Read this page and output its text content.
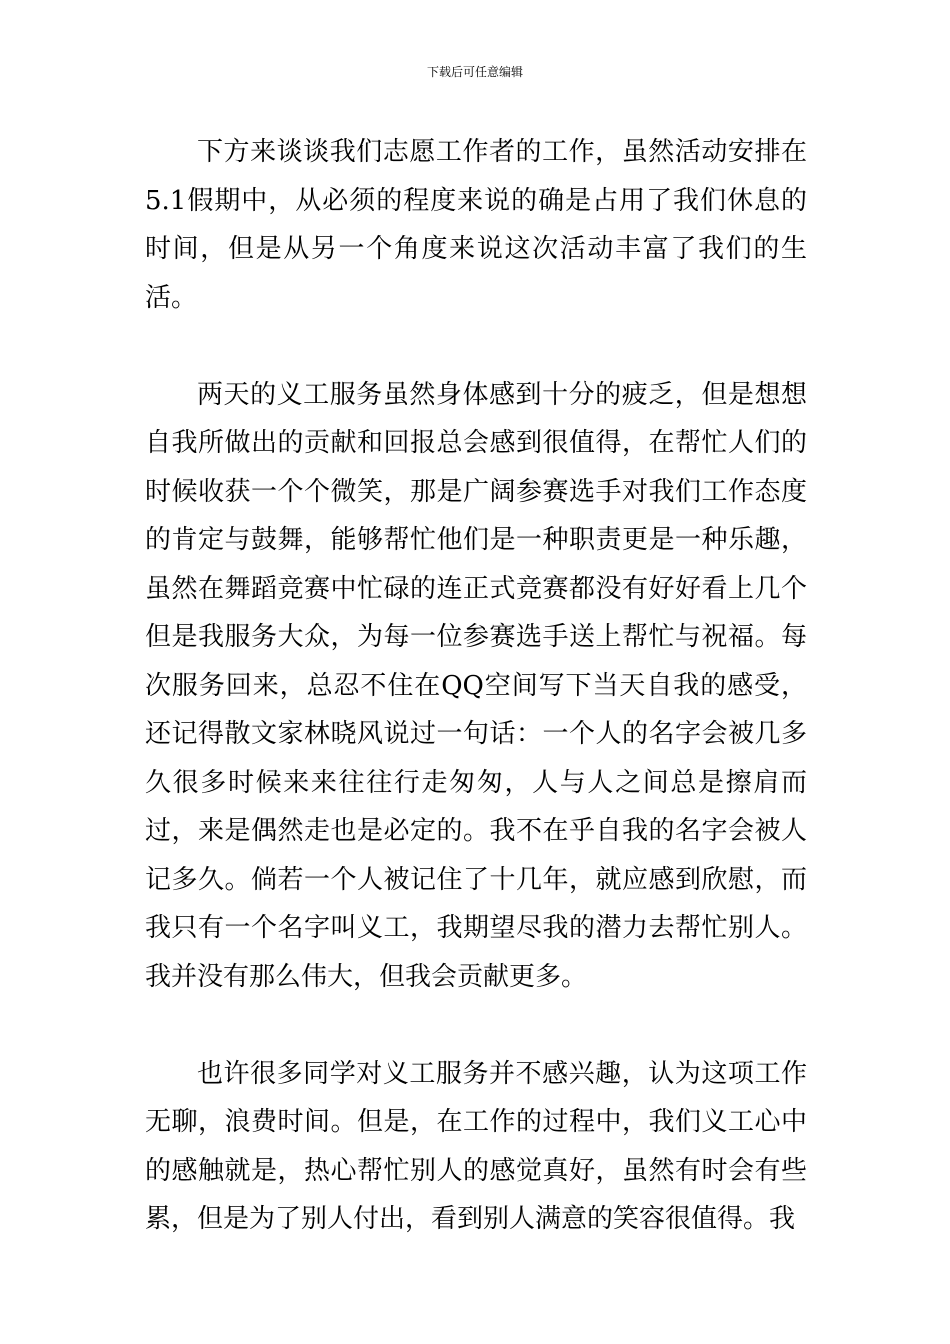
下载后可任意编辑

下方来谈谈我们志愿工作者的工作，虽然活动安排在5.1假期中，从必须的程度来说的确是占用了我们休息的时间，但是从另一个角度来说这次活动丰富了我们的生活。

两天的义工服务虽然身体感到十分的疲乏，但是想想自我所做出的贡献和回报总会感到很值得，在帮忙人们的时候收获一个个微笑，那是广阔参赛选手对我们工作态度的肯定与鼓舞，能够帮忙他们是一种职责更是一种乐趣，虽然在舞蹈竞赛中忙碌的连正式竞赛都没有好好看上几个但是我服务大众，为每一位参赛选手送上帮忙与祝福。每次服务回来，总忍不住在QQ空间写下当天自我的感受，还记得散文家林晓风说过一句话：一个人的名字会被几多久很多时候来来往往行走匆匆，人与人之间总是擦肩而过，来是偶然走也是必定的。我不在乎自我的名字会被人记多久。倘若一个人被记住了十几年，就应感到欣慰，而我只有一个名字叫义工，我期望尽我的潜力去帮忙别人。我并没有那么伟大，但我会贡献更多。

也许很多同学对义工服务并不感兴趣，认为这项工作无聊，浪费时间。但是，在工作的过程中，我们义工心中的感触就是，热心帮忙别人的感觉真好，虽然有时会有些累，但是为了别人付出，看到别人满意的笑容很值得。我
